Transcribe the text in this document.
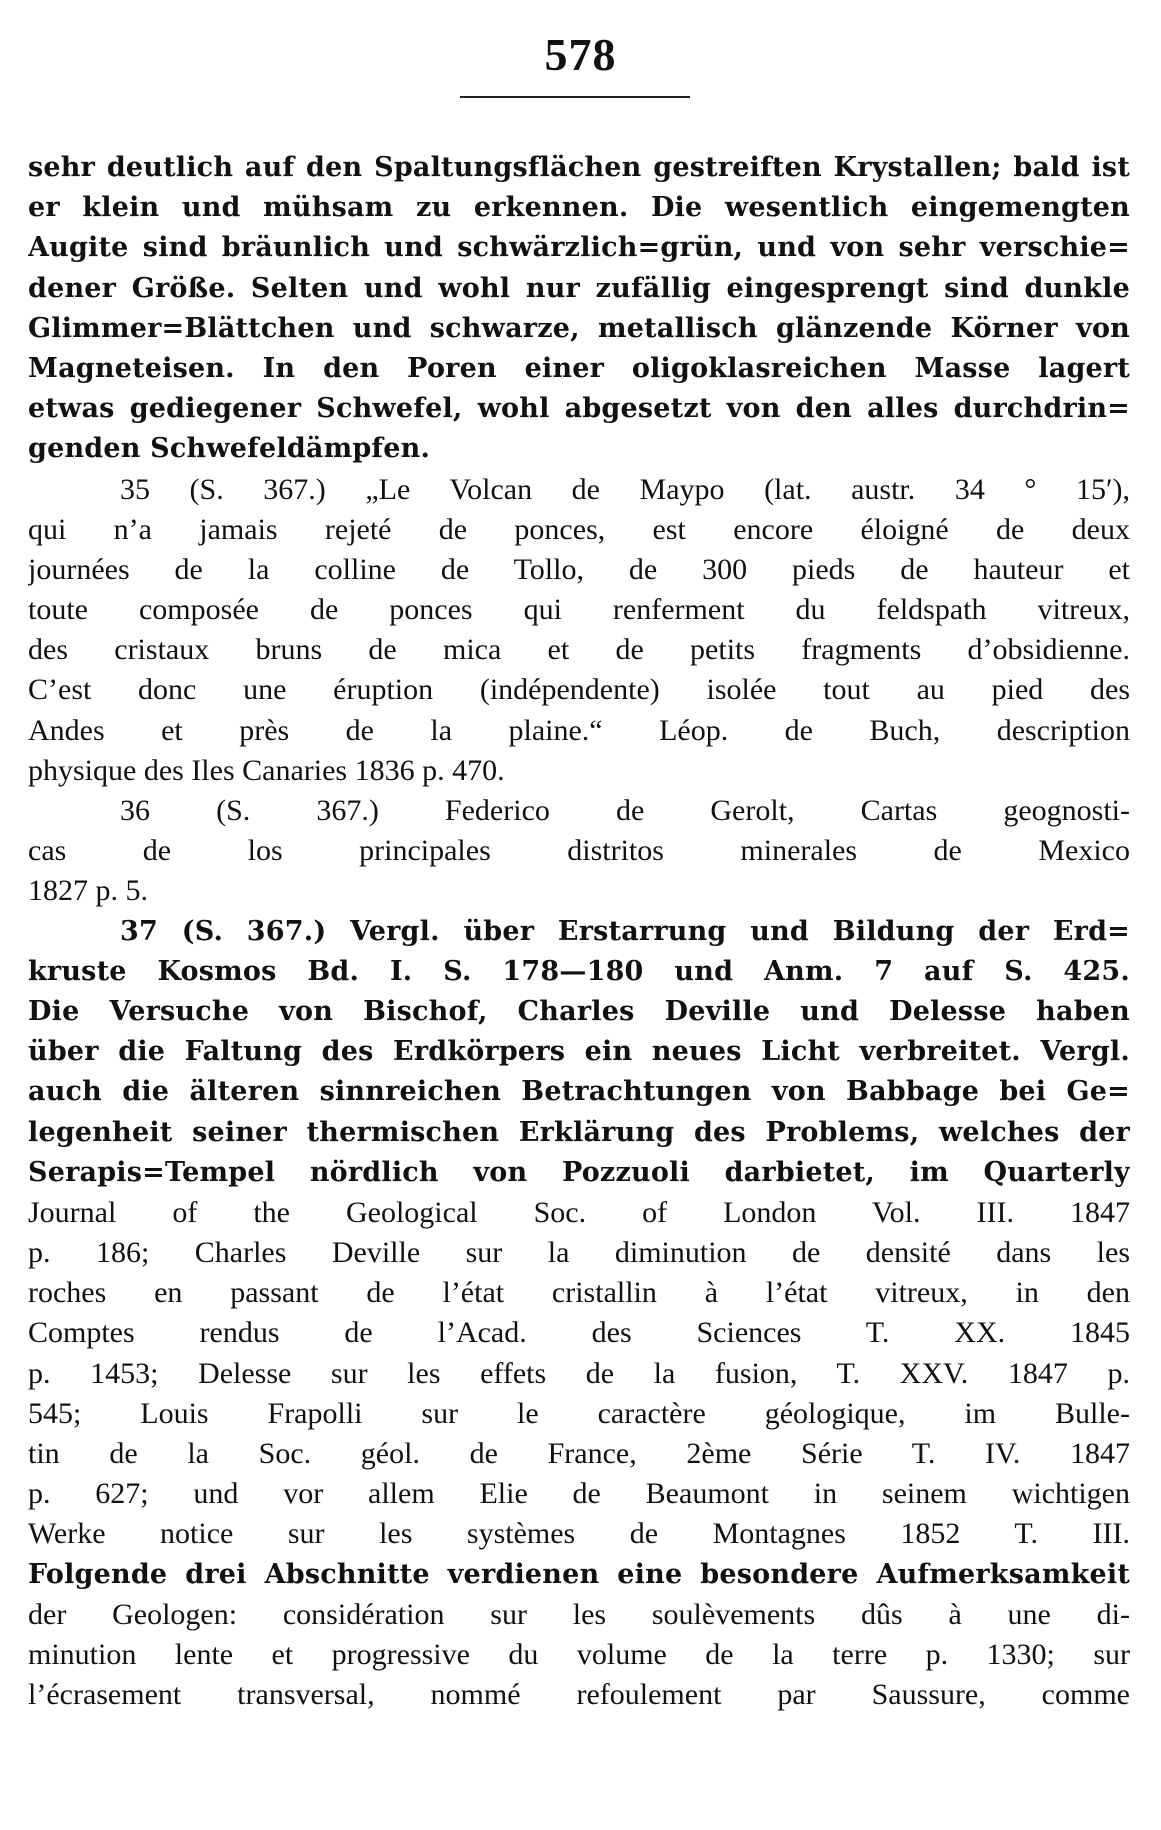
578
sehr deutlich auf den Spaltungsflächen gestreiften Krystallen; bald ist
er klein und mühsam zu erkennen. Die wesentlich eingemengten
Augite sind bräunlich und schwärzlich=grün, und von sehr verschie=
dener Größe. Selten und wohl nur zufällig eingesprengt sind dunkle
Glimmer=Blättchen und schwarze, metallisch glänzende Körner von
Magneteisen. In den Poren einer oligoklasreichen Masse lagert
etwas gediegener Schwefel, wohl abgesetzt von den alles durchdrin=
genden Schwefeldämpfen.
35 (S. 367.) „Le Volcan de Maypo (lat. austr. 34 ° 15′),
qui n’a jamais rejeté de ponces, est encore éloigné de deux
journées de la colline de Tollo, de 300 pieds de hauteur et
toute composée de ponces qui renferment du feldspath vitreux,
des cristaux bruns de mica et de petits fragments d’obsidienne.
C’est donc une éruption (indépendente) isolée tout au pied des
Andes et près de la plaine.“ Léop. de Buch, description
physique des Iles Canaries 1836 p. 470.
36 (S. 367.) Federico de Gerolt, Cartas geognosti-
cas de los principales distritos minerales de Mexico
1827 p. 5.
37 (S. 367.) Vergl. über Erstarrung und Bildung der Erd=
kruste Kosmos Bd. I. S. 178—180 und Anm. 7 auf S. 425.
Die Versuche von Bischof, Charles Deville und Delesse haben
über die Faltung des Erdkörpers ein neues Licht verbreitet. Vergl.
auch die älteren sinnreichen Betrachtungen von Babbage bei Ge=
legenheit seiner thermischen Erklärung des Problems, welches der
Serapis=Tempel nördlich von Pozzuoli darbietet, im Quarterly
Journal of the Geological Soc. of London Vol. III. 1847
p. 186; Charles Deville sur la diminution de densité dans les
roches en passant de l’état cristallin à l’état vitreux, in den
Comptes rendus de l’Acad. des Sciences T. XX. 1845
p. 1453; Delesse sur les effets de la fusion, T. XXV. 1847 p.
545; Louis Frapolli sur le caractère géologique, im Bulle-
tin de la Soc. géol. de France, 2ème Série T. IV. 1847
p. 627; und vor allem Elie de Beaumont in seinem wichtigen
Werke notice sur les systèmes de Montagnes 1852 T. III.
Folgende drei Abschnitte verdienen eine besondere Aufmerksamkeit
der Geologen: considération sur les soulèvements dûs à une di-
minution lente et progressive du volume de la terre p. 1330; sur
l’écrasement transversal, nommé refoulement par Saussure, comme
